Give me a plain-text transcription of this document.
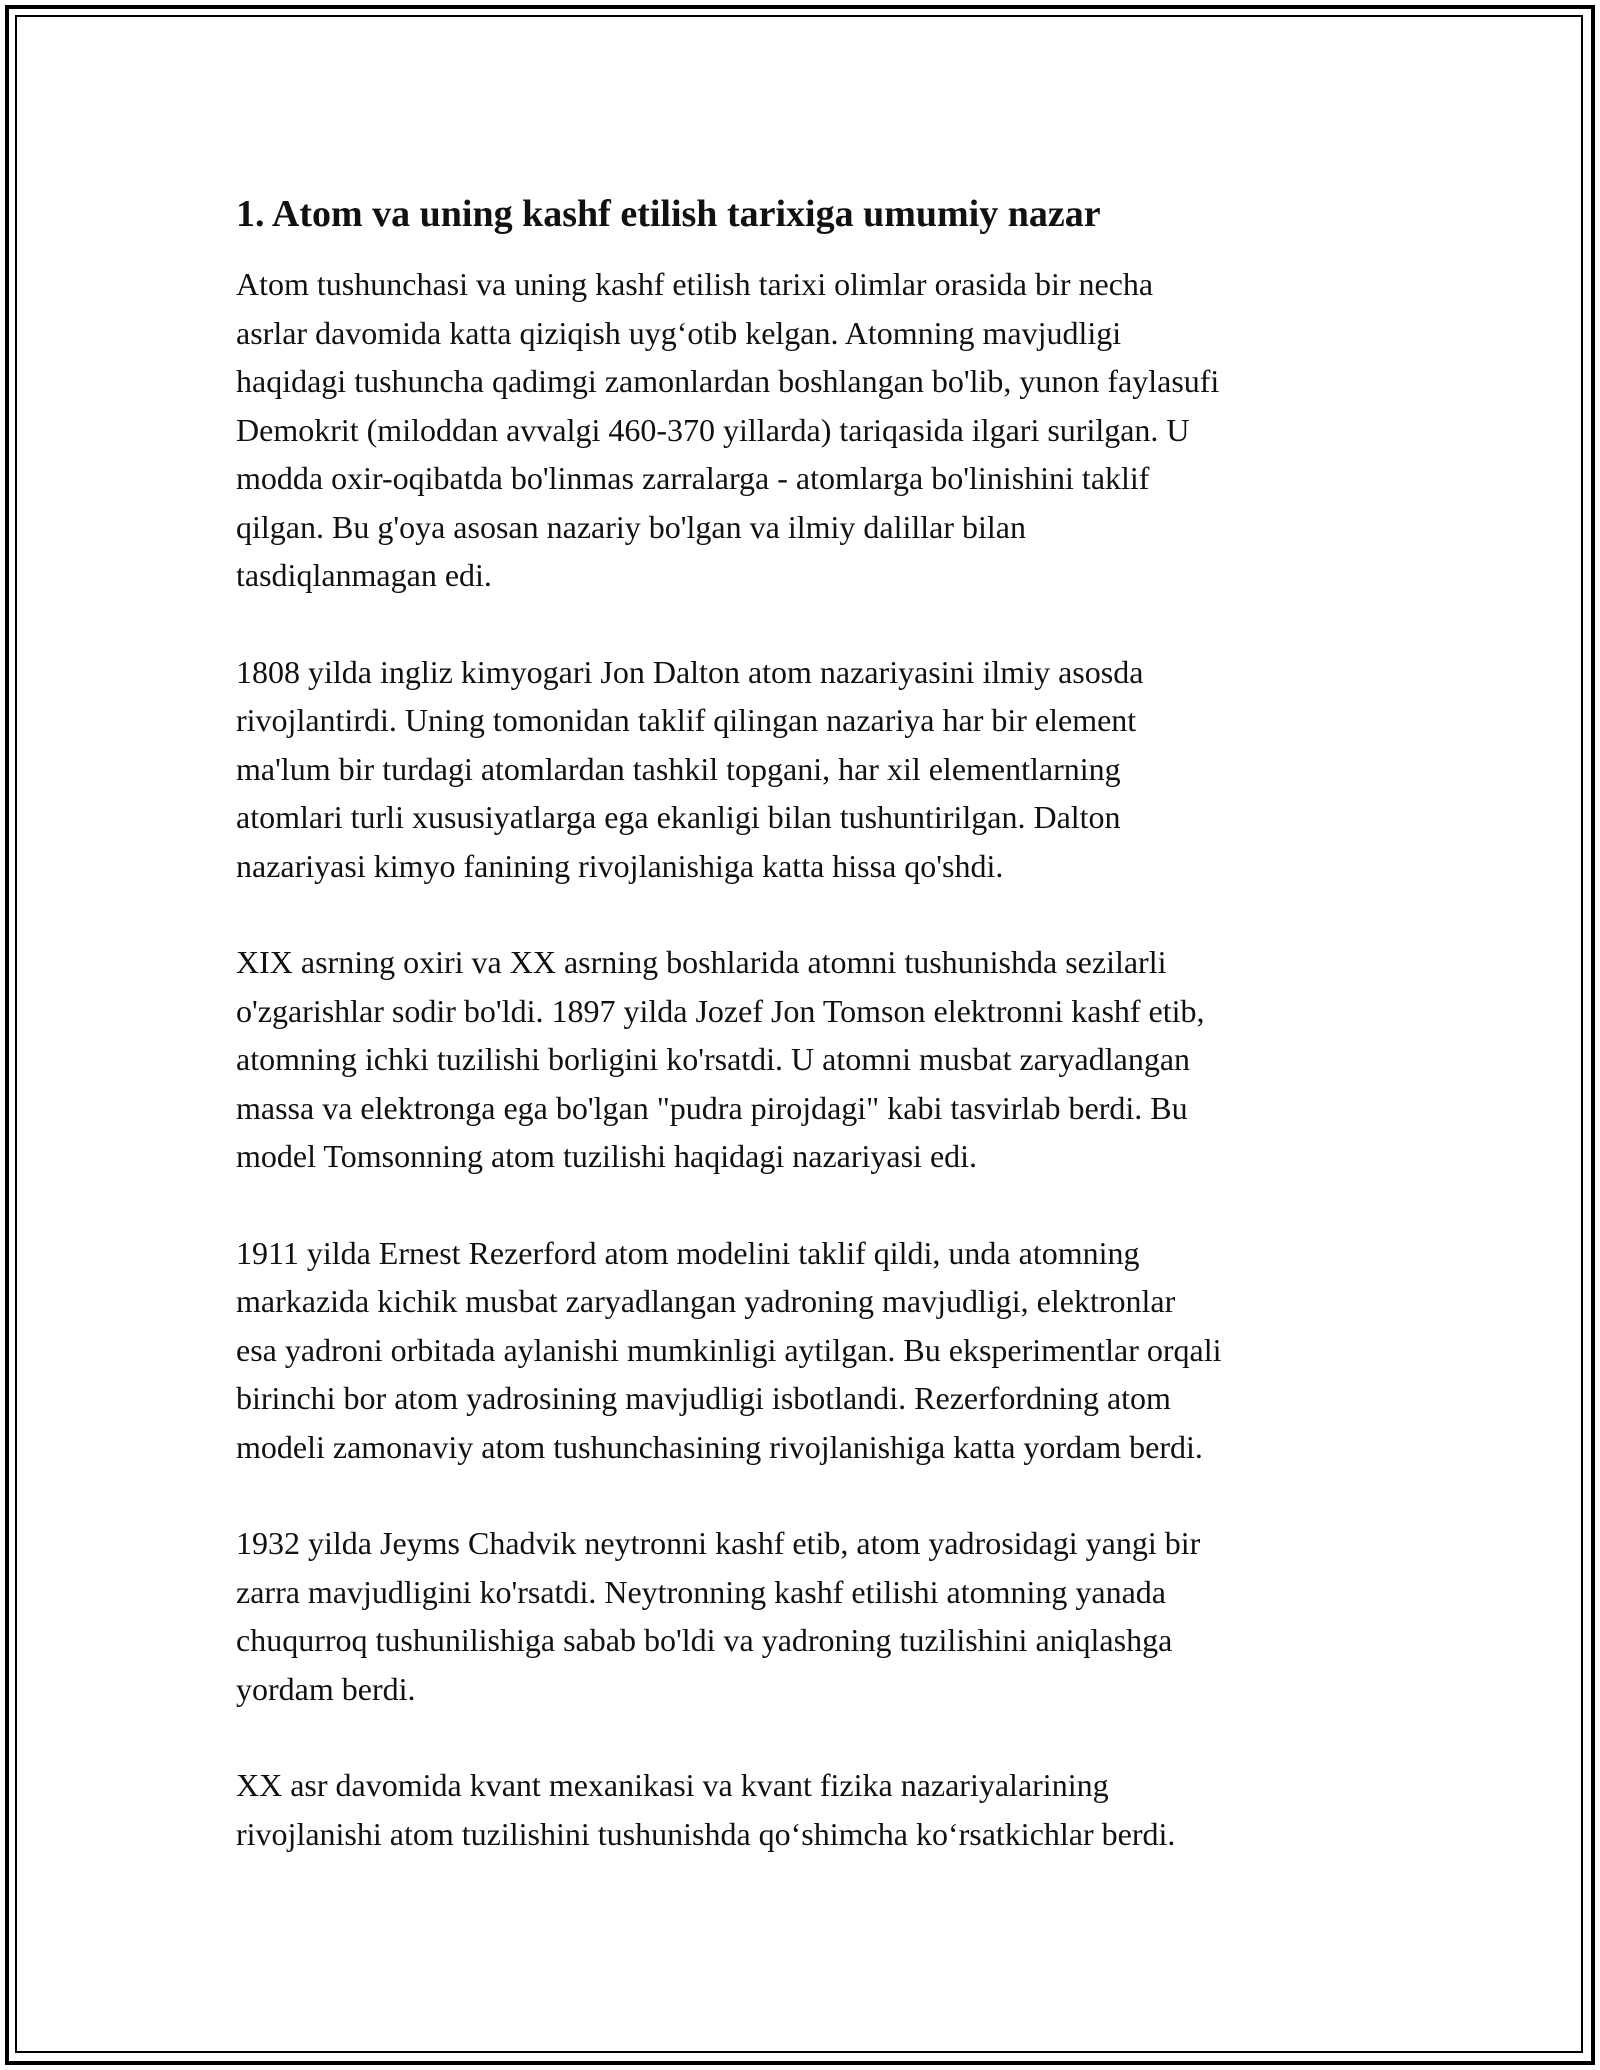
1. Atom va uning kashf etilish tarixiga umumiy nazar

Atom tushunchasi va uning kashf etilish tarixi olimlar orasida bir necha
asrlar davomida katta qiziqish uyg‘otib kelgan. Atomning mavjudligi
haqidagi tushuncha qadimgi zamonlardan boshlangan bo'lib, yunon faylasufi
Demokrit (miloddan avvalgi 460-370 yillarda) tariqasida ilgari surilgan. U
modda oxir-oqibatda bo'linmas zarralarga - atomlarga bo'linishini taklif
qilgan. Bu g'oya asosan nazariy bo'lgan va ilmiy dalillar bilan
tasdiqlanmagan edi.

1808 yilda ingliz kimyogari Jon Dalton atom nazariyasini ilmiy asosda
rivojlantirdi. Uning tomonidan taklif qilingan nazariya har bir element
ma'lum bir turdagi atomlardan tashkil topgani, har xil elementlarning
atomlari turli xususiyatlarga ega ekanligi bilan tushuntirilgan. Dalton
nazariyasi kimyo fanining rivojlanishiga katta hissa qo'shdi.

XIX asrning oxiri va XX asrning boshlarida atomni tushunishda sezilarli
o'zgarishlar sodir bo'ldi. 1897 yilda Jozef Jon Tomson elektronni kashf etib,
atomning ichki tuzilishi borligini ko'rsatdi. U atomni musbat zaryadlangan
massa va elektronga ega bo'lgan "pudra pirojdagi" kabi tasvirlab berdi. Bu
model Tomsonning atom tuzilishi haqidagi nazariyasi edi.

1911 yilda Ernest Rezerford atom modelini taklif qildi, unda atomning
markazida kichik musbat zaryadlangan yadroning mavjudligi, elektronlar
esa yadroni orbitada aylanishi mumkinligi aytilgan. Bu eksperimentlar orqali
birinchi bor atom yadrosining mavjudligi isbotlandi. Rezerfordning atom
modeli zamonaviy atom tushunchasining rivojlanishiga katta yordam berdi.

1932 yilda Jeyms Chadvik neytronni kashf etib, atom yadrosidagi yangi bir
zarra mavjudligini ko'rsatdi. Neytronning kashf etilishi atomning yanada
chuqurroq tushunilishiga sabab bo'ldi va yadroning tuzilishini aniqlashga
yordam berdi.

XX asr davomida kvant mexanikasi va kvant fizika nazariyalarining
rivojlanishi atom tuzilishini tushunishda qo‘shimcha ko‘rsatkichlar berdi.
